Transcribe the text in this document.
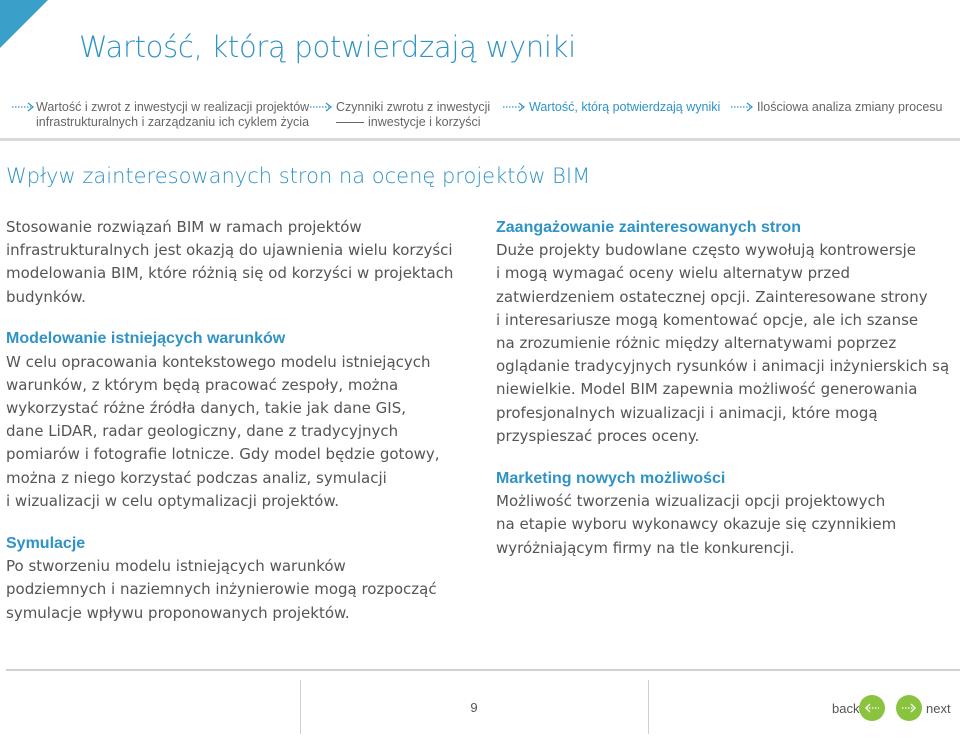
Wartość, którą potwierdzają wyniki
Wartość i zwrot z inwestycji w realizacji projektów
infrastrukturalnych i zarządzaniu ich cyklem życia
Czynniki zwrotu z inwestycji
inwestycje i korzyści
Wartość, którą potwierdzają wyniki	Ilościowa analiza zmiany procesu
Wpływ zainteresowanych stron na ocenę projektów BIM

Stosowanie rozwiązań BIM w ramach projektów
infrastrukturalnych jest okazją do ujawnienia wielu korzyści
modelowania BIM, które różnią się od korzyści w projektach
budynków.

Modelowanie istniejących warunków
W celu opracowania kontekstowego modelu istniejących
warunków, z którym będą pracować zespoły, można
wykorzystać różne źródła danych, takie jak dane GIS,
dane LiDAR, radar geologiczny, dane z tradycyjnych
pomiarów i fotografie lotnicze. Gdy model będzie gotowy,
można z niego korzystać podczas analiz, symulacji
i wizualizacji w celu optymalizacji projektów.

Symulacje
Po stworzeniu modelu istniejących warunków
podziemnych i naziemnych inżynierowie mogą rozpocząć
symulacje wpływu proponowanych projektów.

Zaangażowanie zainteresowanych stron
Duże projekty budowlane często wywołują kontrowersje
i mogą wymagać oceny wielu alternatyw przed
zatwierdzeniem ostatecznej opcji. Zainteresowane strony
i interesariusze mogą komentować opcje, ale ich szanse
na zrozumienie różnic między alternatywami poprzez
oglądanie tradycyjnych rysunków i animacji inżynierskich są
niewielkie. Model BIM zapewnia możliwość generowania
profesjonalnych wizualizacji i animacji, które mogą
przyspieszać proces oceny.

Marketing nowych możliwości
Możliwość tworzenia wizualizacji opcji projektowych
na etapie wyboru wykonawcy okazuje się czynnikiem
wyróżniającym firmy na tle konkurencji.

9	back	next
